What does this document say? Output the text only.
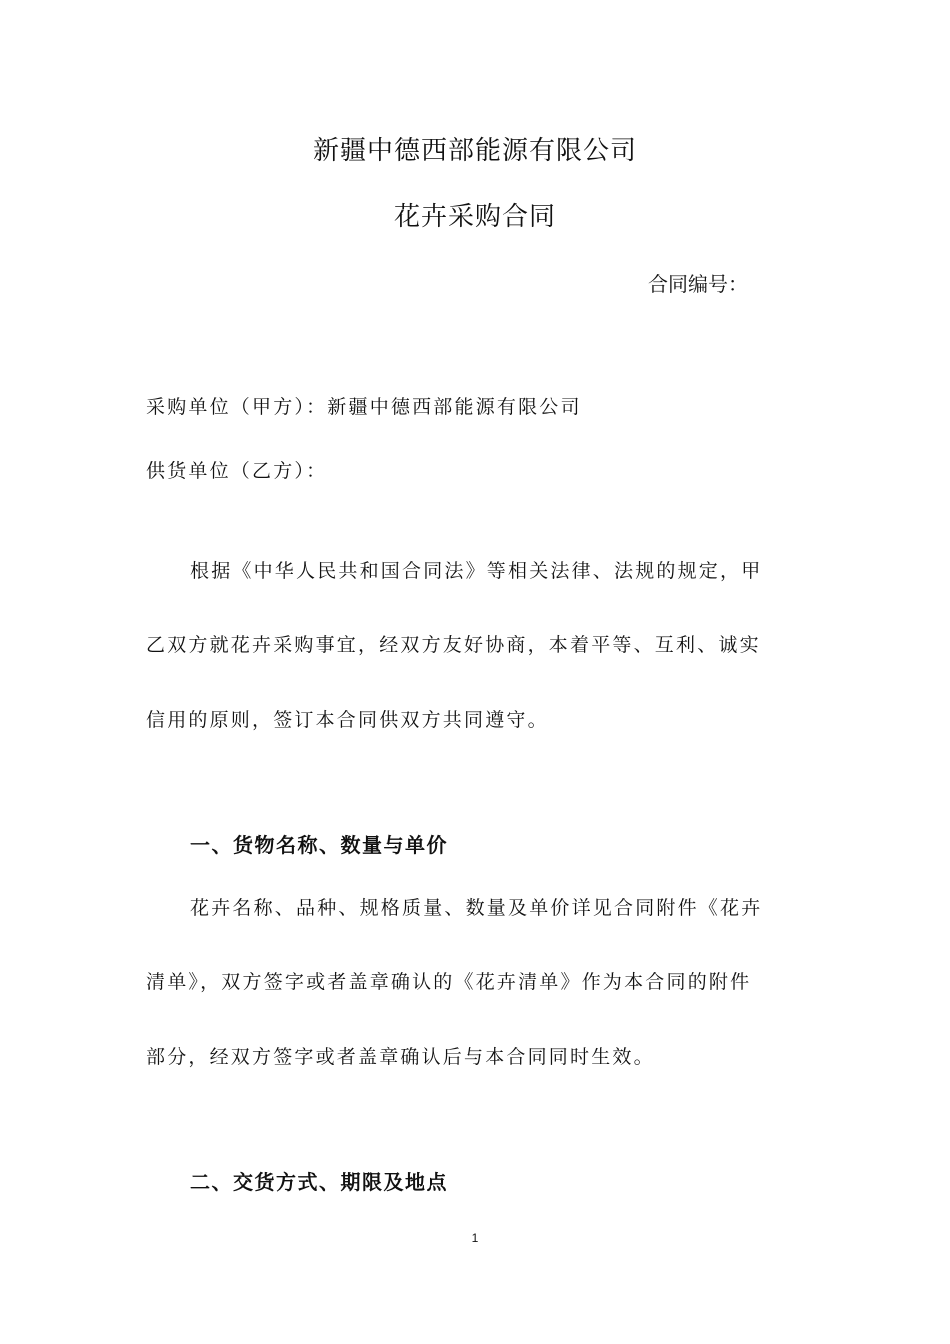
新疆中德西部能源有限公司
花卉采购合同
合同编号：
采购单位（甲方）：新疆中德西部能源有限公司
供货单位（乙方）：
根据《中华人民共和国合同法》等相关法律、法规的规定，甲
乙双方就花卉采购事宜，经双方友好协商，本着平等、互利、诚实
信用的原则，签订本合同供双方共同遵守。
一、货物名称、数量与单价
花卉名称、品种、规格质量、数量及单价详见合同附件《花卉
清单》，双方签字或者盖章确认的《花卉清单》作为本合同的附件
部分，经双方签字或者盖章确认后与本合同同时生效。
二、交货方式、期限及地点
1
